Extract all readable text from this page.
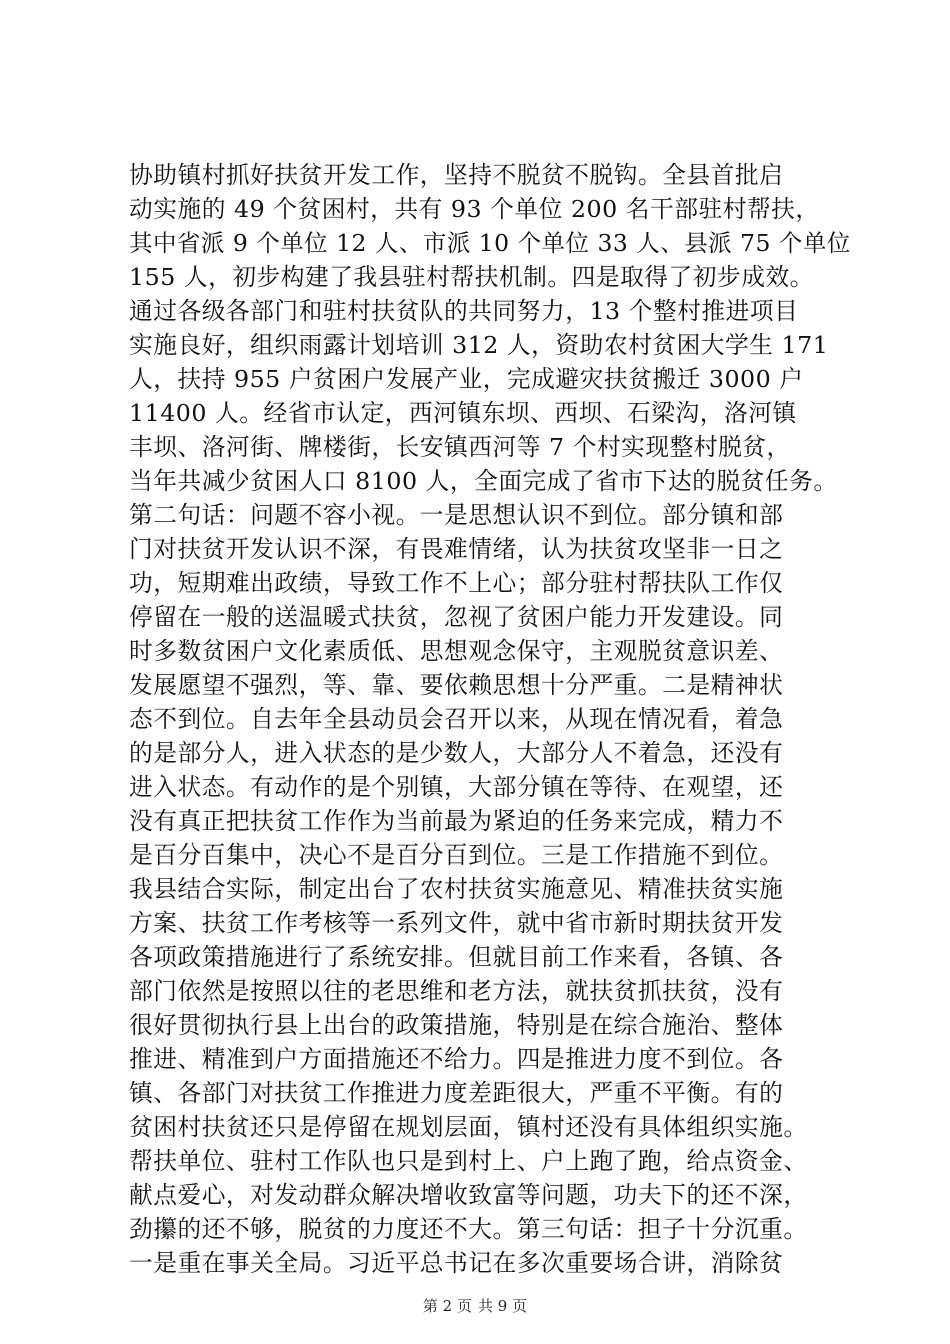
协助镇村抓好扶贫开发工作，坚持不脱贫不脱钩。全县首批启
动实施的 49 个贫困村，共有 93 个单位 200 名干部驻村帮扶，
其中省派 9 个单位 12 人、市派 10 个单位 33 人、县派 75 个单位
155 人，初步构建了我县驻村帮扶机制。四是取得了初步成效。
通过各级各部门和驻村扶贫队的共同努力，13 个整村推进项目
实施良好，组织雨露计划培训 312 人，资助农村贫困大学生 171
人，扶持 955 户贫困户发展产业，完成避灾扶贫搬迁 3000 户
11400 人。经省市认定，西河镇东坝、西坝、石梁沟，洛河镇
丰坝、洛河街、牌楼街，长安镇西河等 7 个村实现整村脱贫，
当年共减少贫困人口 8100 人，全面完成了省市下达的脱贫任务。
第二句话：问题不容小视。一是思想认识不到位。部分镇和部
门对扶贫开发认识不深，有畏难情绪，认为扶贫攻坚非一日之
功，短期难出政绩，导致工作不上心；部分驻村帮扶队工作仅
停留在一般的送温暖式扶贫，忽视了贫困户能力开发建设。同
时多数贫困户文化素质低、思想观念保守，主观脱贫意识差、
发展愿望不强烈，等、靠、要依赖思想十分严重。二是精神状
态不到位。自去年全县动员会召开以来，从现在情况看，着急
的是部分人，进入状态的是少数人，大部分人不着急，还没有
进入状态。有动作的是个别镇，大部分镇在等待、在观望，还
没有真正把扶贫工作作为当前最为紧迫的任务来完成，精力不
是百分百集中，决心不是百分百到位。三是工作措施不到位。
我县结合实际，制定出台了农村扶贫实施意见、精准扶贫实施
方案、扶贫工作考核等一系列文件，就中省市新时期扶贫开发
各项政策措施进行了系统安排。但就目前工作来看，各镇、各
部门依然是按照以往的老思维和老方法，就扶贫抓扶贫，没有
很好贯彻执行县上出台的政策措施，特别是在综合施治、整体
推进、精准到户方面措施还不给力。四是推进力度不到位。各
镇、各部门对扶贫工作推进力度差距很大，严重不平衡。有的
贫困村扶贫还只是停留在规划层面，镇村还没有具体组织实施。
帮扶单位、驻村工作队也只是到村上、户上跑了跑，给点资金、
献点爱心，对发动群众解决增收致富等问题，功夫下的还不深，
劲攥的还不够，脱贫的力度还不大。第三句话：担子十分沉重。
一是重在事关全局。习近平总书记在多次重要场合讲，消除贫
第 2 页 共 9 页
